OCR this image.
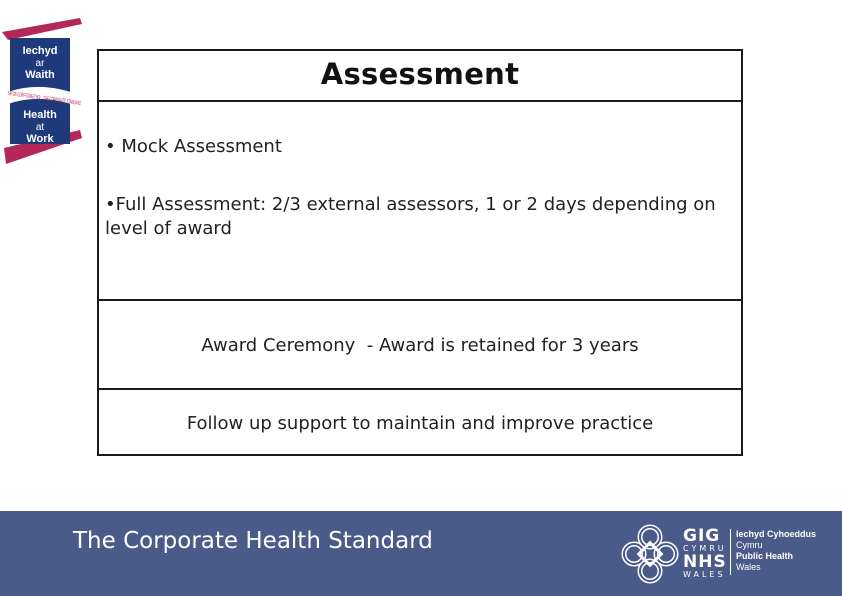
Iechyd
ar
Waith
Health
at
Work
Assessment
• Mock Assessment
•Full Assessment: 2/3 external assessors, 1 or 2 days depending on level of award

Award Ceremony  - Award is retained for 3 years

Follow up support to maintain and improve practice

The Corporate Health Standard	GIG
CYMRU
NHS
WALES
Iechyd Cyhoeddus
Cymru
Public Health
Wales
